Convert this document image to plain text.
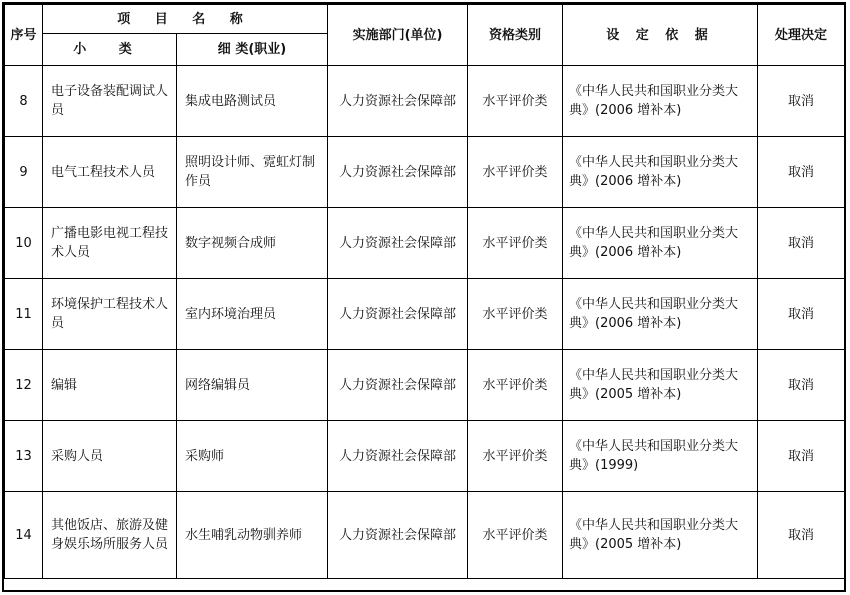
序号	项 目 名 称		实施部门(单位)	资格类别	设 定 依 据	处理决定
	小 类	细 类(职业)				
8	电子设备装配调试人员	集成电路测试员	人力资源社会保障部	水平评价类	《中华人民共和国职业分类大典》(2006 增补本)	取消
9	电气工程技术人员	照明设计师、霓虹灯制作员	人力资源社会保障部	水平评价类	《中华人民共和国职业分类大典》(2006 增补本)	取消
10	广播电影电视工程技术人员	数字视频合成师	人力资源社会保障部	水平评价类	《中华人民共和国职业分类大典》(2006 增补本)	取消
11	环境保护工程技术人员	室内环境治理员	人力资源社会保障部	水平评价类	《中华人民共和国职业分类大典》(2006 增补本)	取消
12	编辑	网络编辑员	人力资源社会保障部	水平评价类	《中华人民共和国职业分类大典》(2005 增补本)	取消
13	采购人员	采购师	人力资源社会保障部	水平评价类	《中华人民共和国职业分类大典》(1999)	取消
14	其他饭店、旅游及健身娱乐场所服务人员	水生哺乳动物驯养师	人力资源社会保障部	水平评价类	《中华人民共和国职业分类大典》(2005 增补本)	取消
